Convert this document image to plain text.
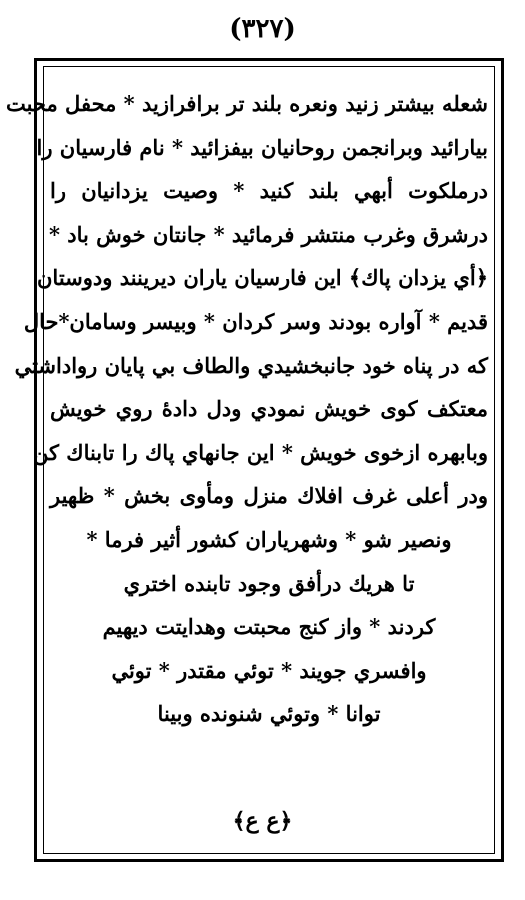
(٣٢٧)
شعله بيشتر زنيد ونعره بلند تر برافرازيد * محفل محبت
بيارائيد وبرانجمن روحانيان بيفزائيد * نام فارسيان را
درملكوت أبهي بلند كنيد * وصيت يزدانيان را
درشرق وغرب منتشر فرمائيد * جانتان خوش باد *
﴿أي يزدان پاك﴾ اين فارسيان ياران ديرينند ودوستان
قديم * آواره بودند وسر كردان * وبيسر وسامان*حال
كه در پناه خود جانبخشيدي والطاف بي پايان رواداشتي
معتكف كوى خويش نمودي ودل دادهٔ روي خويش
وبابهره ازخوى خويش * اين جانهاي پاك را تابناك كن
ودر أعلى غرف افلاك منزل ومأوى بخش * ظهير
ونصير شو * وشهرياران كشور أثير فرما *
تا هريك درأفق وجود تابنده اختري
كردند * واز كنج محبتت وهدايتت ديهيم
وافسري جويند * توئي مقتدر * توئي
توانا * وتوئي شنونده وبينا
﴿ع ع﴾
